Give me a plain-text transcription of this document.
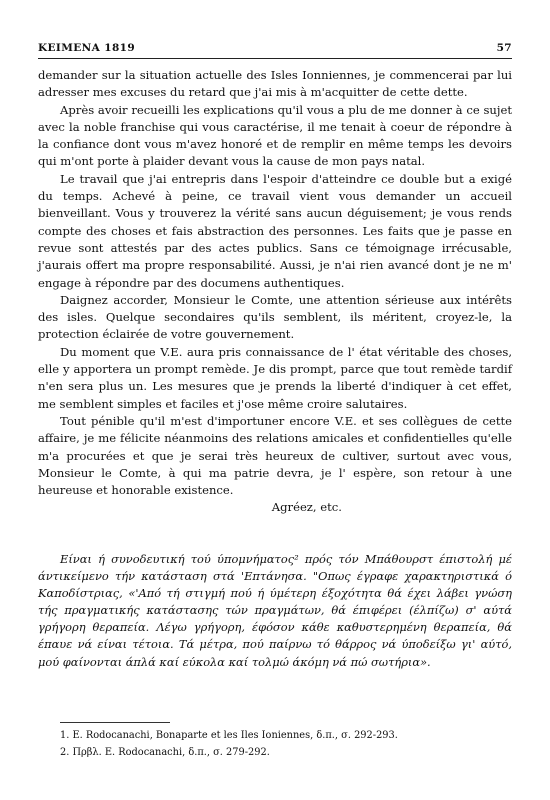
KEIMENA 1819	57

demander sur la situation actuelle des Isles Ionniennes, je commencerai par lui adresser mes excuses du retard que j'ai mis à m'acquitter de cette dette.

Après avoir recueilli les explications qu'il vous a plu de me donner à ce sujet avec la noble franchise qui vous caractérise, il me tenait à coeur de répondre à la confiance dont vous m'avez honoré et de remplir en même temps les devoirs qui m'ont porte à plaider devant vous la cause de mon pays natal.

Le travail que j'ai entrepris dans l'espoir d'atteindre ce double but a exigé du temps. Achevé à peine, ce travail vient vous demander un accueil bienveillant. Vous y trouverez la vérité sans aucun déguisement; je vous rends compte des choses et fais abstraction des personnes. Les faits que je passe en revue sont attestés par des actes publics. Sans ce témoignage irrécusable, j'aurais offert ma propre responsabilité. Aussi, je n'ai rien avancé dont je ne m' engage à répondre par des documens authentiques.

Daignez accorder, Monsieur le Comte, une attention sérieuse aux intérêts des isles. Quelque secondaires qu'ils semblent, ils méritent, croyez-le, la protection éclairée de votre gouvernement.

Du moment que V.E. aura pris connaissance de l' état véritable des choses, elle y apportera un prompt remède. Je dis prompt, parce que tout remède tardif n'en sera plus un. Les mesures que je prends la liberté d'indiquer à cet effet, me semblent simples et faciles et j'ose même croire salutaires.

Tout pénible qu'il m'est d'importuner encore V.E. et ses collègues de cette affaire, je me félicite néanmoins des relations amicales et confidentielles qu'elle m'a procurées et que je serai très heureux de cultiver, surtout avec vous, Monsieur le Comte, à qui ma patrie devra, je l' espère, son retour à une heureuse et honorable existence.

Agréez, etc.

Είναι ή συνοδευτική τού ύπομνήματος² πρός τόν Μπάθουρστ έπιστολή μέ άντικείμενο τήν κατάσταση στά 'Επτάνησα. "Οπως έγραφε χαρακτηριστικά ό Καποδίστριας, «'Από τή στιγμή πού ή ύμέτερη έξοχότητα θά έχει λάβει γνώση τής πραγματικής κατάστασης τών πραγμάτων, θά έπιφέρει (έλπίζω) σ' αύτά γρήγορη θεραπεία. Λέγω γρήγορη, έφόσον κάθε καθυστερημένη θεραπεία, θά έπαυε νά είναι τέτοια. Τά μέτρα, πού παίρνω τό θάρρος νά ύποδείξω γι' αύτό, μού φαίνονται άπλά καί εύκολα καί τολμώ άκόμη νά πώ σωτήρια».

1. E. Rodocanachi, Bonaparte et les Iles Ioniennes, δ.π., σ. 292-293.
2. Πρβλ. E. Rodocanachi, δ.π., σ. 279-292.
